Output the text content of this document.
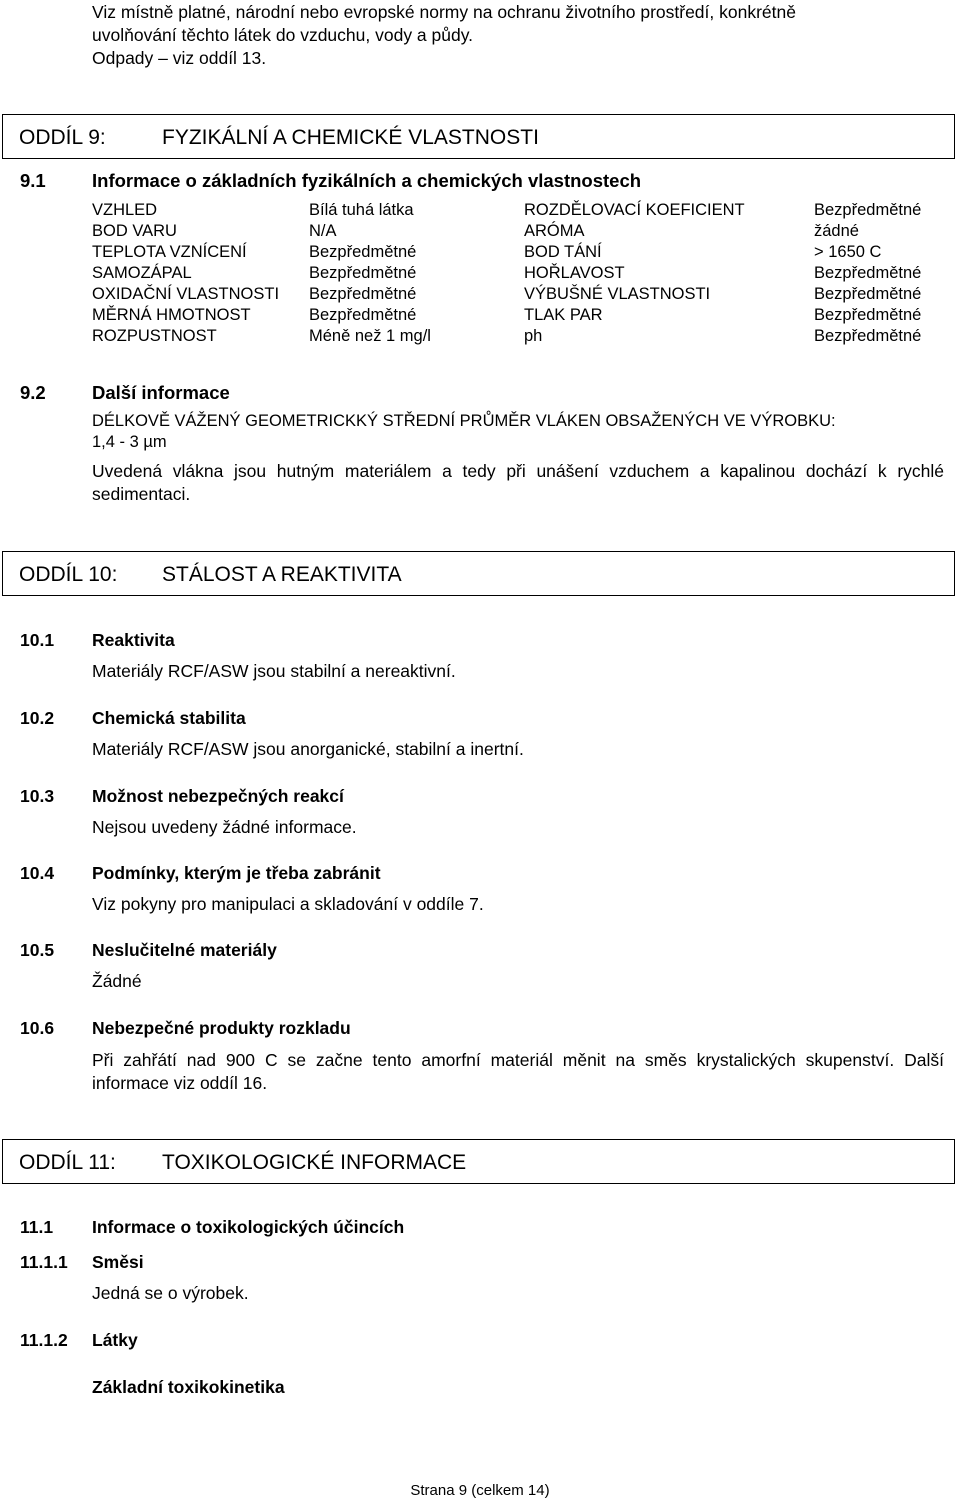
Viz místně platné, národní nebo evropské normy na ochranu životního prostředí, konkrétně
uvolňování těchto látek do vzduchu, vody a půdy.
Odpady – viz oddíl 13.
ODDÍL 9:	FYZIKÁLNÍ A CHEMICKÉ VLASTNOSTI
9.1	Informace o základních fyzikálních a chemických vlastnostech
VZHLED	Bílá tuhá látka	ROZDĚLOVACÍ KOEFICIENT	Bezpředmětné
BOD VARU	N/A	ARÓMA	žádné
TEPLOTA VZNÍCENÍ	Bezpředmětné	BOD TÁNÍ	> 1650 C
SAMOZÁPAL	Bezpředmětné	HOŘLAVOST	Bezpředmětné
OXIDAČNÍ VLASTNOSTI Bezpředmětné	VÝBUŠNÉ VLASTNOSTI	Bezpředmětné
MĚRNÁ HMOTNOST	Bezpředmětné	TLAK PAR	Bezpředmětné
ROZPUSTNOST	Méně než 1 mg/l	ph	Bezpředmětné
9.2	Další informace
DÉLKOVĚ VÁŽENÝ GEOMETRICKKÝ STŘEDNÍ PRŮMĚR VLÁKEN OBSAŽENÝCH VE VÝROBKU:
1,4 - 3 µm
Uvedená vlákna jsou hutným materiálem a tedy při unášení vzduchem a kapalinou dochází k rychlé sedimentaci.
ODDÍL 10: STÁLOST A REAKTIVITA
10.1 Reaktivita
Materiály RCF/ASW jsou stabilní a nereaktivní.
10.2 Chemická stabilita
Materiály RCF/ASW jsou anorganické, stabilní a inertní.
10.3 Možnost nebezpečných reakcí
Nejsou uvedeny žádné informace.
10.4 Podmínky, kterým je třeba zabránit
Viz pokyny pro manipulaci a skladování v oddíle 7.
10.5 Neslučitelné materiály
Žádné
10.6 Nebezpečné produkty rozkladu
Při zahřátí nad 900 C se začne tento amorfní materiál měnit na směs krystalických skupenství. Další informace viz oddíl 16.
ODDÍL 11: TOXIKOLOGICKÉ INFORMACE
11.1 Informace o toxikologických účincích
11.1.1 Směsi
Jedná se o výrobek.
11.1.2 Látky
Základní toxikokinetika
Strana 9 (celkem 14)
